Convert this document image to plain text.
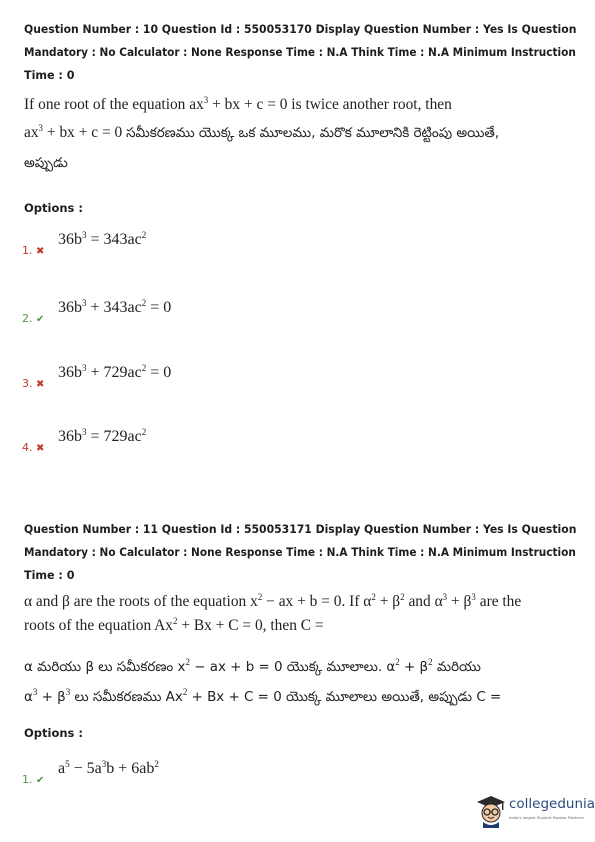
Question Number : 10 Question Id : 550053170 Display Question Number : Yes Is Question
Mandatory : No Calculator : None Response Time : N.A Think Time : N.A Minimum Instruction
Time : 0
If one root of the equation $ax^3$ + bx + c = 0 is twice another root, then
$ax^3$ + bx + c = 0 సమీకరణము యొక్క ఒక మూలము, మరొక మూలానికి రెట్టింపు అయితే,
అప్పుడు
Options :
1. ✖
$36b^3 = 343ac^2$
2. ✔
$36b^3 + 343ac^2 = 0$
3. ✖
$36b^3 + 729ac^2 = 0$
4. ✖
$36b^3 = 729ac^2$
Question Number : 11 Question Id : 550053171 Display Question Number : Yes Is Question
Mandatory : No Calculator : None Response Time : N.A Think Time : N.A Minimum Instruction
Time : 0
α and β are the roots of the equation $x^2$ − ax + b = 0. If $\alpha^2 + \beta^2$ and $\alpha^3 + \beta^3$ are the
roots of the equation $Ax^2 + Bx + C = 0$, then C =
α మరియు β లు సమీకరణం $x^2$ − ax + b = 0 యొక్క మూలాలు. $\alpha^2 + \beta^2$ మరియు
$\alpha^3 + \beta^3$ లు సమీకరణము $Ax^2 + Bx + C = 0$ యొక్క మూలాలు అయితే, అప్పుడు C =
Options :
1. ✔
$a^5 - 5a^3b + 6ab^2$
collegedunia
India's largest Student Review Platform
